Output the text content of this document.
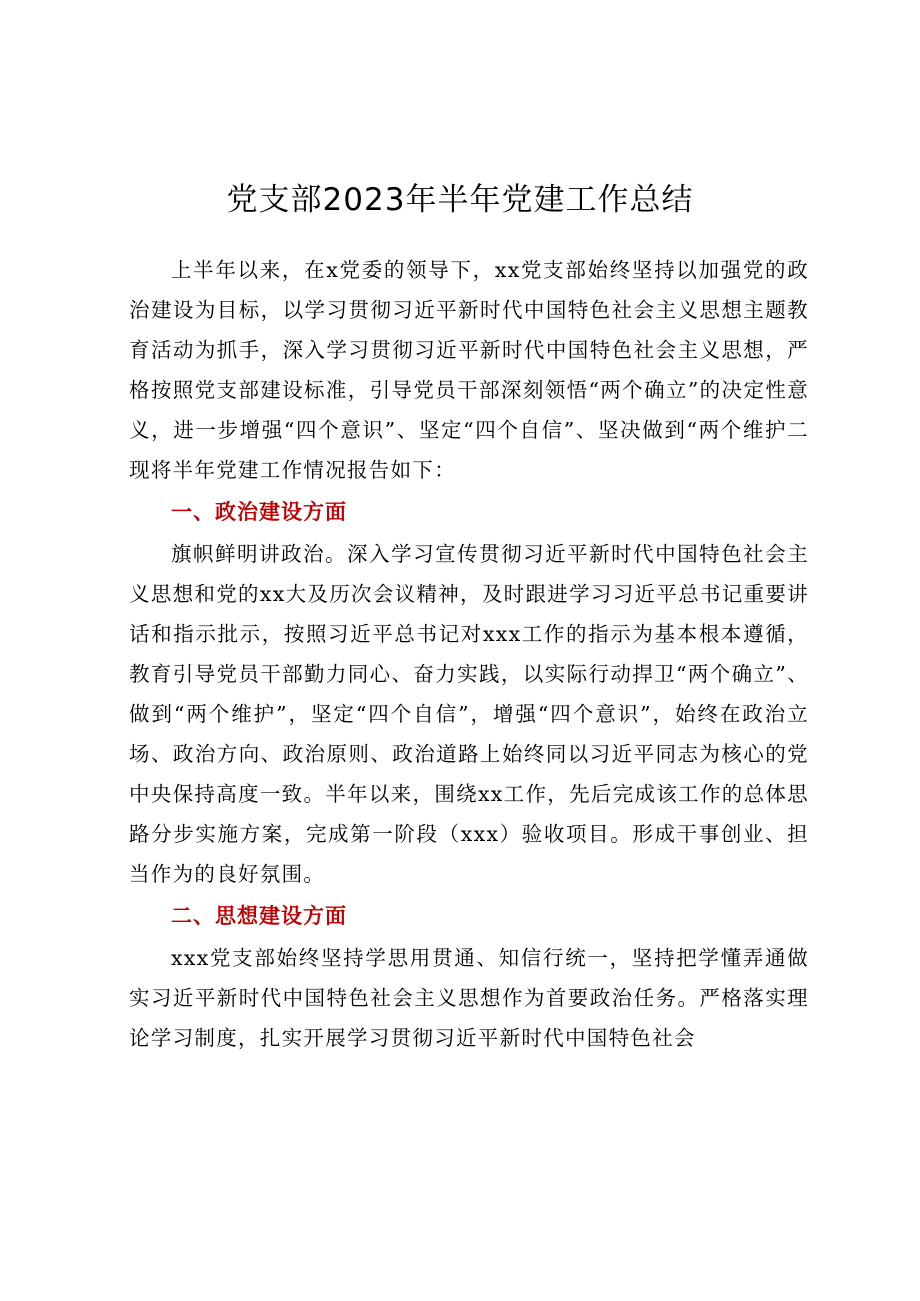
党支部2023年半年党建工作总结

上半年以来，在x党委的领导下，xx党支部始终坚持以加强党的政治建设为目标，以学习贯彻习近平新时代中国特色社会主义思想主题教育活动为抓手，深入学习贯彻习近平新时代中国特色社会主义思想，严格按照党支部建设标准，引导党员干部深刻领悟“两个确立”的决定性意义，进一步增强“四个意识”、坚定“四个自信”、坚决做到“两个维护二现将半年党建工作情况报告如下：

一、政治建设方面

旗帜鲜明讲政治。深入学习宣传贯彻习近平新时代中国特色社会主义思想和党的xx大及历次会议精神，及时跟进学习习近平总书记重要讲话和指示批示，按照习近平总书记对xxx工作的指示为基本根本遵循，教育引导党员干部勤力同心、奋力实践，以实际行动捍卫“两个确立”、做到“两个维护”，坚定“四个自信”，增强“四个意识”，始终在政治立场、政治方向、政治原则、政治道路上始终同以习近平同志为核心的党中央保持高度一致。半年以来，围绕xx工作，先后完成该工作的总体思路分步实施方案，完成第一阶段（xxx）验收项目。形成干事创业、担当作为的良好氛围。

二、思想建设方面

xxx党支部始终坚持学思用贯通、知信行统一，坚持把学懂弄通做实习近平新时代中国特色社会主义思想作为首要政治任务。严格落实理论学习制度，扎实开展学习贯彻习近平新时代中国特色社会
